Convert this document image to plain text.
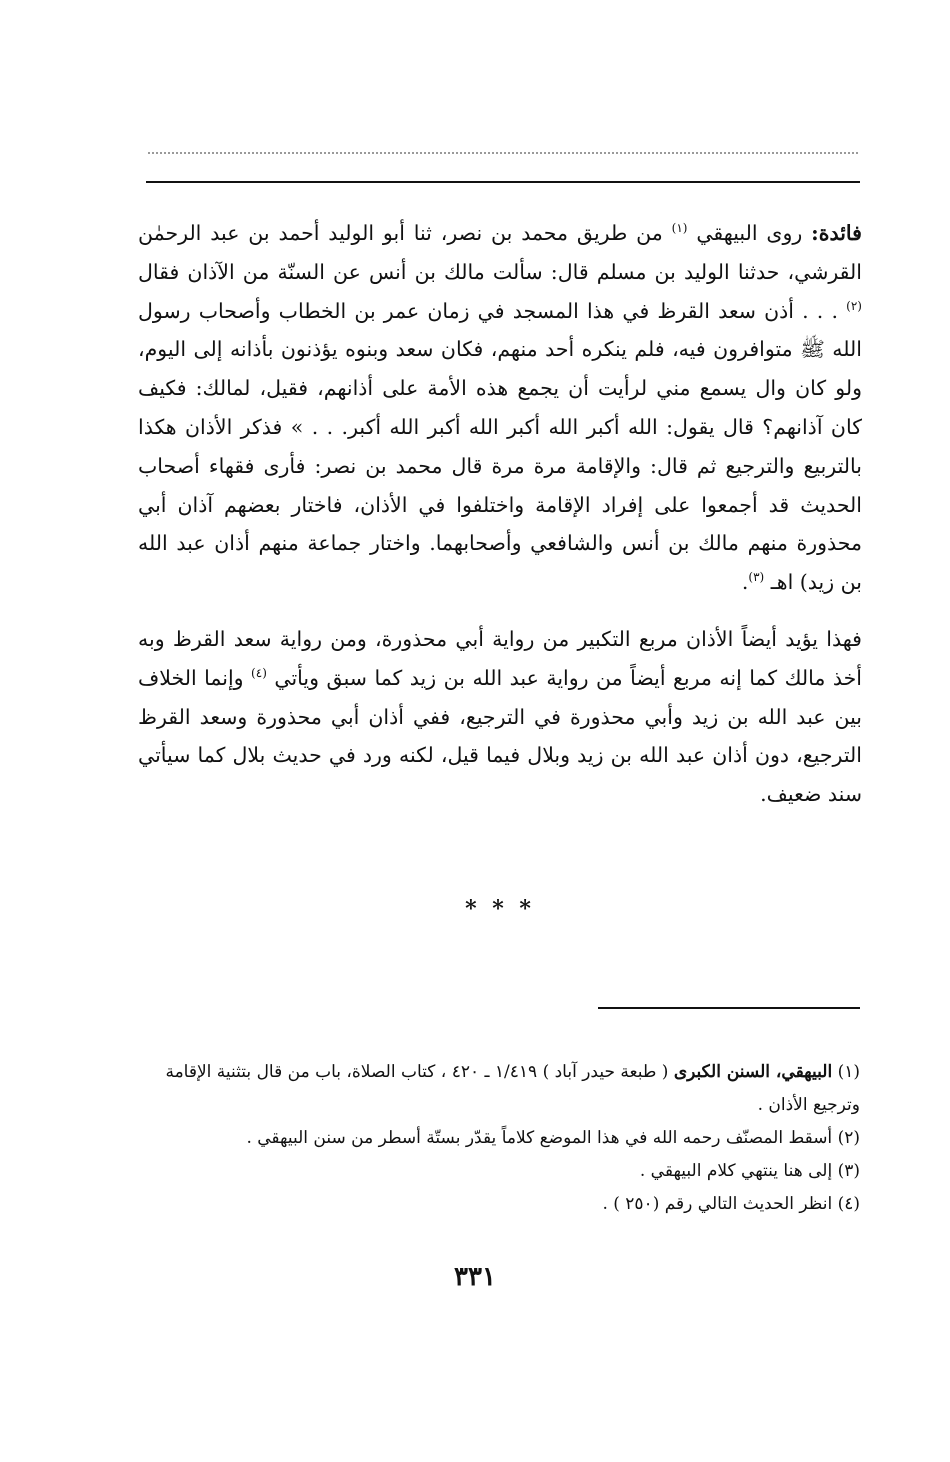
فائدة: روى البيهقي $^{(١)}$ من طريق محمد بن نصر، ثنا أبو الوليد أحمد بن عبد الرحمٰن القرشي، حدثنا الوليد بن مسلم قال: سألت مالك بن أنس عن السنّة من الآذان فقال $^{(٢)}$ . . . أذن سعد القرظ في هذا المسجد في زمان عمر بن الخطاب وأصحاب رسول الله ﷺ متوافرون فيه، فلم ينكره أحد منهم، فكان سعد وبنوه يؤذنون بأذانه إلى اليوم، ولو كان وال يسمع مني لرأيت أن يجمع هذه الأمة على أذانهم، فقيل، لمالك: فكيف كان آذانهم؟ قال يقول: الله أكبر الله أكبر الله أكبر الله أكبر. . . » فذكر الأذان هكذا بالتربيع والترجيع ثم قال: والإقامة مرة مرة قال محمد بن نصر: فأرى فقهاء أصحاب الحديث قد أجمعوا على إفراد الإقامة واختلفوا في الأذان، فاختار بعضهم آذان أبي محذورة منهم مالك بن أنس والشافعي وأصحابهما. واختار جماعة منهم أذان عبد الله بن زيد) اهـ $^{(٣)}$.

فهذا يؤيد أيضاً الأذان مربع التكبير من رواية أبي محذورة، ومن رواية سعد القرظ وبه أخذ مالك كما إنه مربع أيضاً من رواية عبد الله بن زيد كما سبق ويأتي $^{(٤)}$ وإنما الخلاف بين عبد الله بن زيد وأبي محذورة في الترجيع، ففي أذان أبي محذورة وسعد القرظ الترجيع، دون أذان عبد الله بن زيد وبلال فيما قيل، لكنه ورد في حديث بلال كما سيأتي سند ضعيف.

* * *

(١) البيهقي، السنن الكبرى ( طبعة حيدر آباد ) ١/٤١٩ ـ ٤٢٠ ، كتاب الصلاة، باب من قال بتثنية الإقامة وترجيع الأذان .

(٢) أسقط المصنّف رحمه الله في هذا الموضع كلاماً يقدّر بستّة أسطر من سنن البيهقي .

(٣) إلى هنا ينتهي كلام البيهقي .

(٤) انظر الحديث التالي رقم (٢٥٠ ) .

٣٣١
